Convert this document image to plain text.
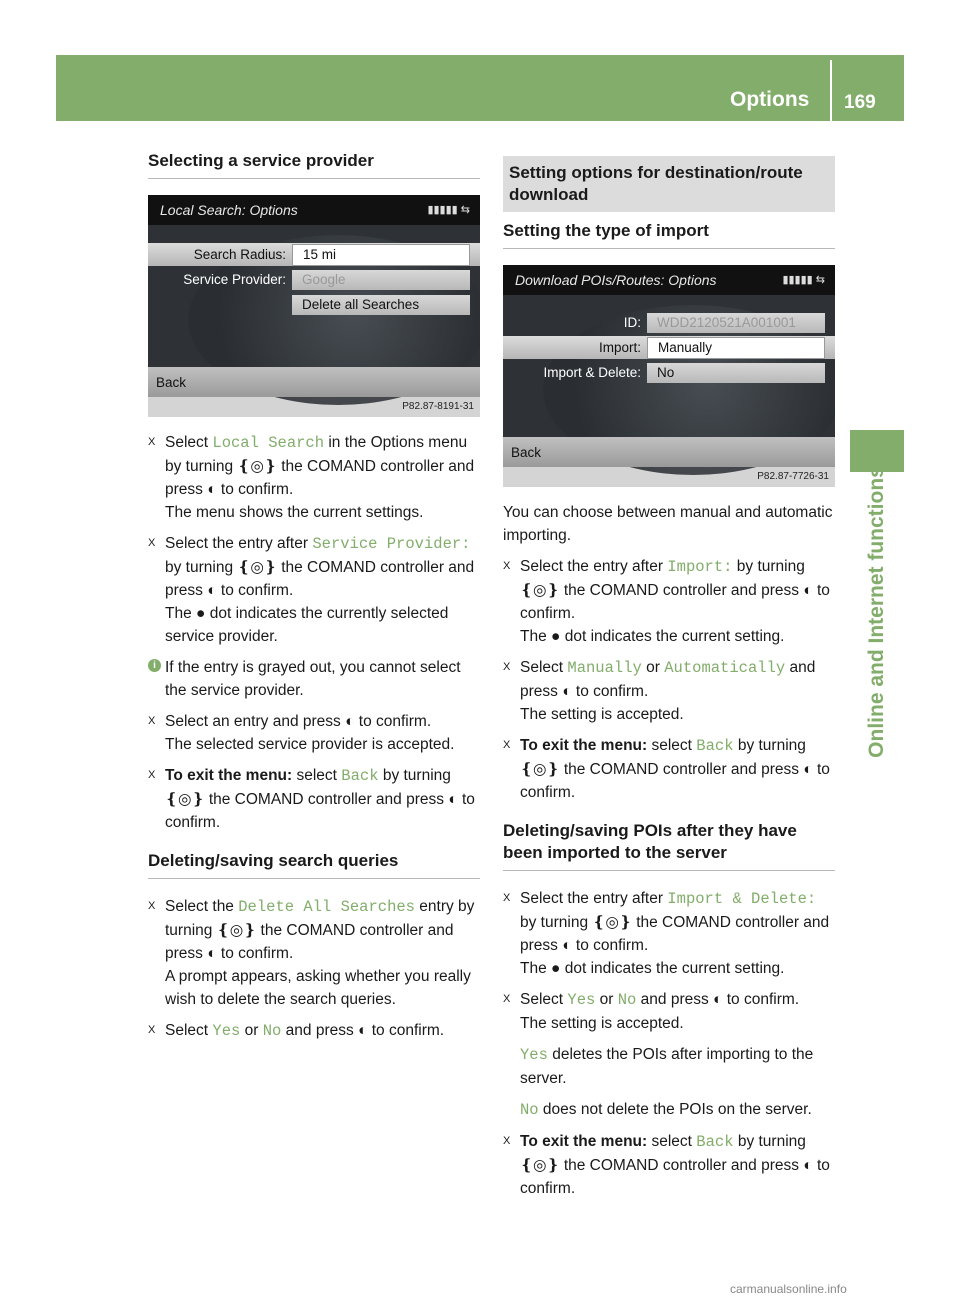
Options 169
Online and Internet functions
Selecting a service provider
Local Search: Options	▮▮▮▮▮ ⇆
Search Radius:	15 mi
Service Provider:	Google
Delete all Searches
Back
P82.87-8191-31
X Select Local Search in the Options menu by turning ❴◎❵ the COMAND controller and press ◐ to confirm.
The menu shows the current settings.
X Select the entry after Service Provider: by turning ❴◎❵ the COMAND controller and press ◐ to confirm.
The ● dot indicates the currently selected service provider.
i If the entry is grayed out, you cannot select the service provider.
X Select an entry and press ◐ to confirm.
The selected service provider is accepted.
X To exit the menu: select Back by turning ❴◎❵ the COMAND controller and press ◐ to confirm.
Deleting/saving search queries
X Select the Delete All Searches entry by turning ❴◎❵ the COMAND controller and press ◐ to confirm.
A prompt appears, asking whether you really wish to delete the search queries.
X Select Yes or No and press ◐ to confirm.
Setting options for destination/route download
Setting the type of import
Download POIs/Routes: Options	▮▮▮▮▮ ⇆
ID:	WDD2120521A001001
Import:	Manually
Import & Delete:	No
Back
P82.87-7726-31

You can choose between manual and automatic importing.

X Select the entry after Import: by turning ❴◎❵ the COMAND controller and press ◐ to confirm.
The ● dot indicates the current setting.
X Select Manually or Automatically and press ◐ to confirm.
The setting is accepted.
X To exit the menu: select Back by turning ❴◎❵ the COMAND controller and press ◐ to confirm.
Deleting/saving POIs after they have been imported to the server
X Select the entry after Import & Delete: by turning ❴◎❵ the COMAND controller and press ◐ to confirm.
The ● dot indicates the current setting.
X Select Yes or No and press ◐ to confirm.
The setting is accepted.
Yes deletes the POIs after importing to the server.
No does not delete the POIs on the server.
X To exit the menu: select Back by turning ❴◎❵ the COMAND controller and press ◐ to confirm.
carmanualsonline.info
